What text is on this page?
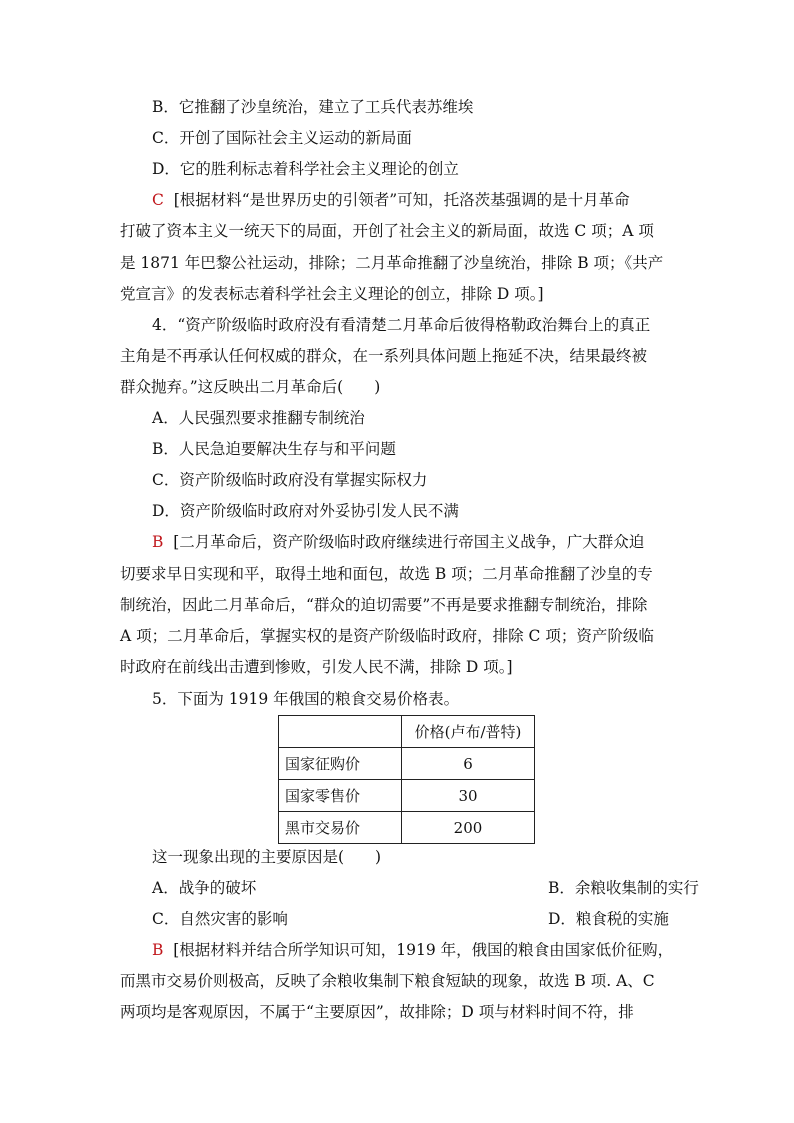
B．它推翻了沙皇统治，建立了工兵代表苏维埃
C．开创了国际社会主义运动的新局面
D．它的胜利标志着科学社会主义理论的创立
C [根据材料“是世界历史的引领者”可知，托洛茨基强调的是十月革命
打破了资本主义一统天下的局面，开创了社会主义的新局面，故选 C 项；A 项
是 1871 年巴黎公社运动，排除；二月革命推翻了沙皇统治，排除 B 项；《共产
党宣言》的发表标志着科学社会主义理论的创立，排除 D 项。]
4．“资产阶级临时政府没有看清楚二月革命后彼得格勒政治舞台上的真正
主角是不再承认任何权威的群众，在一系列具体问题上拖延不决，结果最终被
群众抛弃。”这反映出二月革命后(　　)
A．人民强烈要求推翻专制统治
B．人民急迫要解决生存与和平问题
C．资产阶级临时政府没有掌握实际权力
D．资产阶级临时政府对外妥协引发人民不满
B [二月革命后，资产阶级临时政府继续进行帝国主义战争，广大群众迫
切要求早日实现和平，取得土地和面包，故选 B 项；二月革命推翻了沙皇的专
制统治，因此二月革命后，“群众的迫切需要”不再是要求推翻专制统治，排除
A 项；二月革命后，掌握实权的是资产阶级临时政府，排除 C 项；资产阶级临
时政府在前线出击遭到惨败，引发人民不满，排除 D 项。]
5．下面为 1919 年俄国的粮食交易价格表。
	价格(卢布/普特)
国家征购价	6
国家零售价	30
黑市交易价	200
这一现象出现的主要原因是(　　)
A．战争的破坏	B．余粮收集制的实行
C．自然灾害的影响	D．粮食税的实施
B [根据材料并结合所学知识可知，1919 年，俄国的粮食由国家低价征购，
而黑市交易价则极高，反映了余粮收集制下粮食短缺的现象，故选 B 项. A、C
两项均是客观原因，不属于“主要原因”，故排除；D 项与材料时间不符，排
